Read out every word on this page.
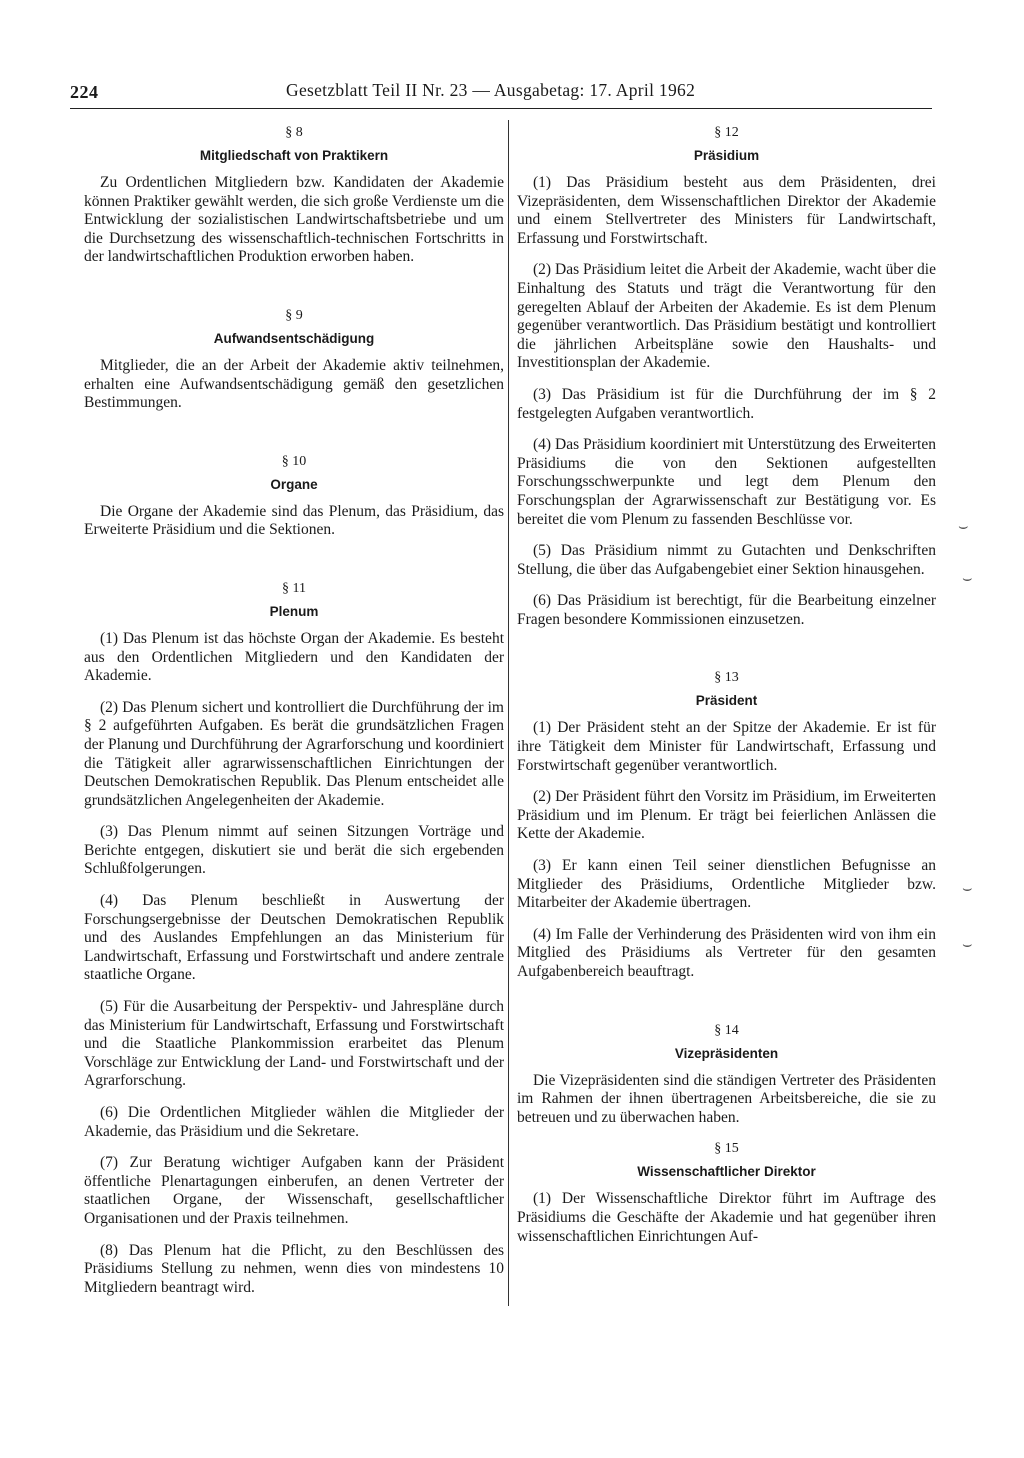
224	Gesetzblatt Teil II Nr. 23 — Ausgabetag: 17. April 1962
§ 8
Mitgliedschaft von Praktikern

Zu Ordentlichen Mitgliedern bzw. Kandidaten der Akademie können Praktiker gewählt werden, die sich große Verdienste um die Entwicklung der sozialistischen Landwirtschaftsbetriebe und um die Durchsetzung des wissenschaftlich-technischen Fortschritts in der landwirtschaftlichen Produktion erworben haben.

§ 9
Aufwandsentschädigung

Mitglieder, die an der Arbeit der Akademie aktiv teilnehmen, erhalten eine Aufwandsentschädigung gemäß den gesetzlichen Bestimmungen.

§ 10
Organe

Die Organe der Akademie sind das Plenum, das Präsidium, das Erweiterte Präsidium und die Sektionen.

§ 11
Plenum

(1) Das Plenum ist das höchste Organ der Akademie. Es besteht aus den Ordentlichen Mitgliedern und den Kandidaten der Akademie.

(2) Das Plenum sichert und kontrolliert die Durchführung der im § 2 aufgeführten Aufgaben. Es berät die grundsätzlichen Fragen der Planung und Durchführung der Agrarforschung und koordiniert die Tätigkeit aller agrarwissenschaftlichen Einrichtungen der Deutschen Demokratischen Republik. Das Plenum entscheidet alle grundsätzlichen Angelegenheiten der Akademie.

(3) Das Plenum nimmt auf seinen Sitzungen Vorträge und Berichte entgegen, diskutiert sie und berät die sich ergebenden Schlußfolgerungen.

(4) Das Plenum beschließt in Auswertung der Forschungsergebnisse der Deutschen Demokratischen Republik und des Auslandes Empfehlungen an das Ministerium für Landwirtschaft, Erfassung und Forstwirtschaft und andere zentrale staatliche Organe.

(5) Für die Ausarbeitung der Perspektiv- und Jahrespläne durch das Ministerium für Landwirtschaft, Erfassung und Forstwirtschaft und die Staatliche Plankommission erarbeitet das Plenum Vorschläge zur Entwicklung der Land- und Forstwirtschaft und der Agrarforschung.

(6) Die Ordentlichen Mitglieder wählen die Mitglieder der Akademie, das Präsidium und die Sekretare.

(7) Zur Beratung wichtiger Aufgaben kann der Präsident öffentliche Plenartagungen einberufen, an denen Vertreter der staatlichen Organe, der Wissenschaft, gesellschaftlicher Organisationen und der Praxis teilnehmen.

(8) Das Plenum hat die Pflicht, zu den Beschlüssen des Präsidiums Stellung zu nehmen, wenn dies von mindestens 10 Mitgliedern beantragt wird.

§ 12
Präsidium

(1) Das Präsidium besteht aus dem Präsidenten, drei Vizepräsidenten, dem Wissenschaftlichen Direktor der Akademie und einem Stellvertreter des Ministers für Landwirtschaft, Erfassung und Forstwirtschaft.

(2) Das Präsidium leitet die Arbeit der Akademie, wacht über die Einhaltung des Statuts und trägt die Verantwortung für den geregelten Ablauf der Arbeiten der Akademie. Es ist dem Plenum gegenüber verantwortlich. Das Präsidium bestätigt und kontrolliert die jährlichen Arbeitspläne sowie den Haushalts- und Investitionsplan der Akademie.

(3) Das Präsidium ist für die Durchführung der im § 2 festgelegten Aufgaben verantwortlich.

(4) Das Präsidium koordiniert mit Unterstützung des Erweiterten Präsidiums die von den Sektionen aufgestellten Forschungsschwerpunkte und legt dem Plenum den Forschungsplan der Agrarwissenschaft zur Bestätigung vor. Es bereitet die vom Plenum zu fassenden Beschlüsse vor.

(5) Das Präsidium nimmt zu Gutachten und Denkschriften Stellung, die über das Aufgabengebiet einer Sektion hinausgehen.

(6) Das Präsidium ist berechtigt, für die Bearbeitung einzelner Fragen besondere Kommissionen einzusetzen.

§ 13
Präsident

(1) Der Präsident steht an der Spitze der Akademie. Er ist für ihre Tätigkeit dem Minister für Landwirtschaft, Erfassung und Forstwirtschaft gegenüber verantwortlich.

(2) Der Präsident führt den Vorsitz im Präsidium, im Erweiterten Präsidium und im Plenum. Er trägt bei feierlichen Anlässen die Kette der Akademie.

(3) Er kann einen Teil seiner dienstlichen Befugnisse an Mitglieder des Präsidiums, Ordentliche Mitglieder bzw. Mitarbeiter der Akademie übertragen.

(4) Im Falle der Verhinderung des Präsidenten wird von ihm ein Mitglied des Präsidiums als Vertreter für den gesamten Aufgabenbereich beauftragt.

§ 14
Vizepräsidenten

Die Vizepräsidenten sind die ständigen Vertreter des Präsidenten im Rahmen der ihnen übertragenen Arbeitsbereiche, die sie zu betreuen und zu überwachen haben.

§ 15
Wissenschaftlicher Direktor

(1) Der Wissenschaftliche Direktor führt im Auftrage des Präsidiums die Geschäfte der Akademie und hat gegenüber ihren wissenschaftlichen Einrichtungen Auf-

⌣
⌣
⌣
⌣
